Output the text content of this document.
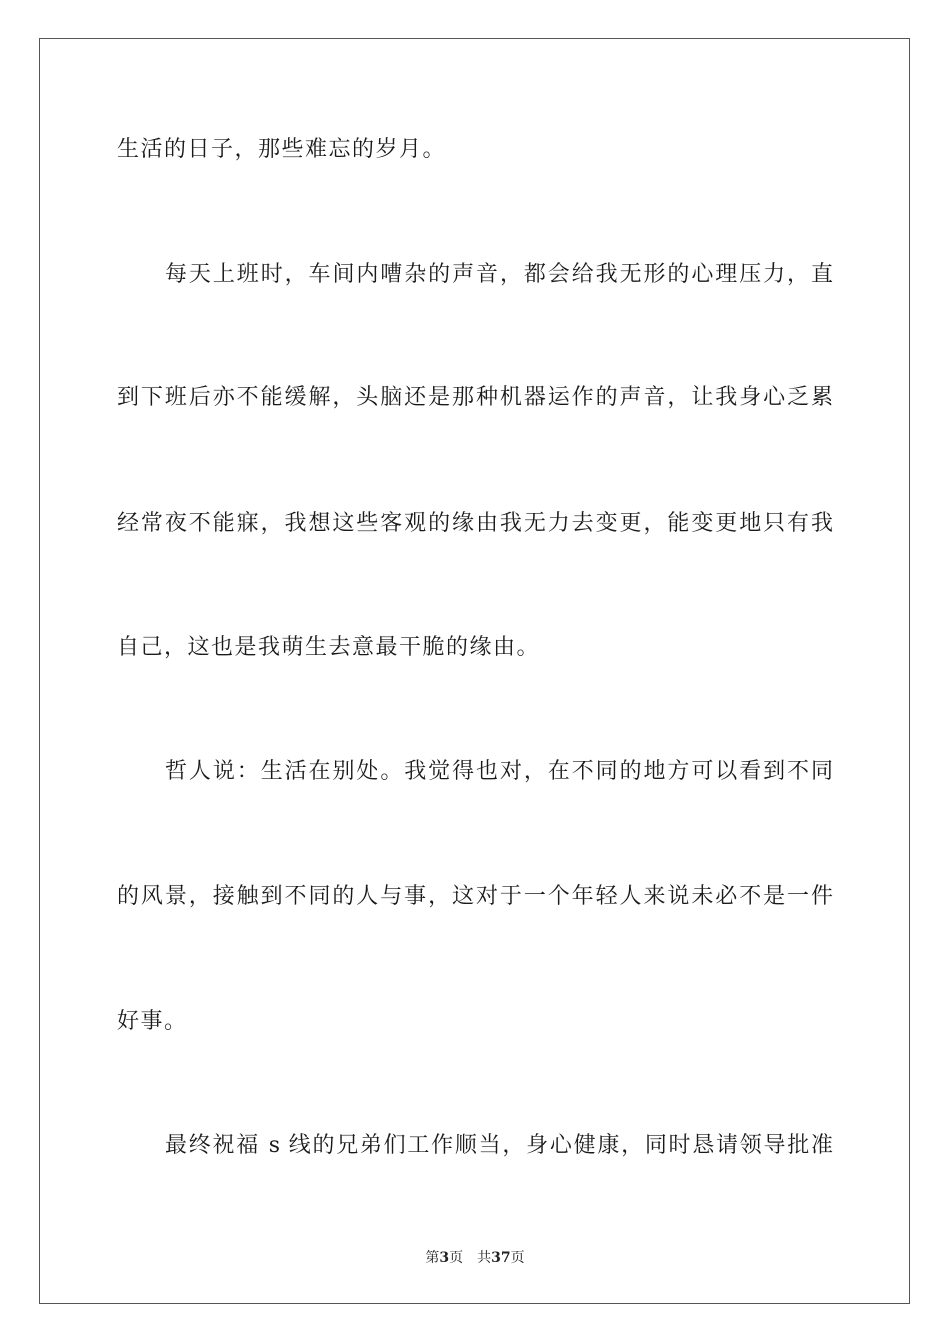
生活的日子，那些难忘的岁月。
每天上班时，车间内嘈杂的声音，都会给我无形的心理压力，直
到下班后亦不能缓解，头脑还是那种机器运作的声音，让我身心乏累
经常夜不能寐，我想这些客观的缘由我无力去变更，能变更地只有我
自己，这也是我萌生去意最干脆的缘由。
哲人说：生活在别处。我觉得也对，在不同的地方可以看到不同
的风景，接触到不同的人与事，这对于一个年轻人来说未必不是一件
好事。
最终祝福 s 线的兄弟们工作顺当，身心健康，同时恳请领导批准
第3页 共37页
